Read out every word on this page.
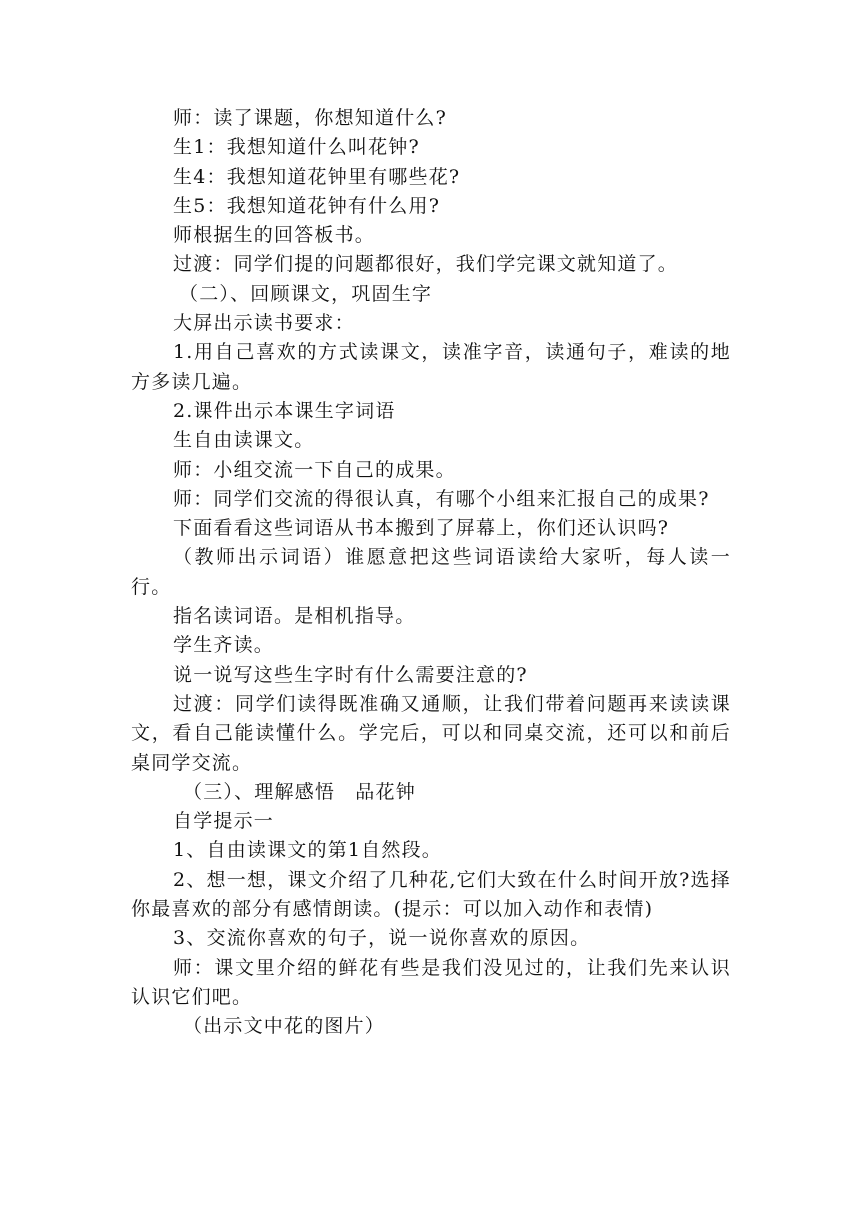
师：读了课题，你想知道什么?

生1：我想知道什么叫花钟?

生4：我想知道花钟里有哪些花?

生5：我想知道花钟有什么用?

师根据生的回答板书。

过渡：同学们提的问题都很好，我们学完课文就知道了。

（二）、回顾课文，巩固生字

大屏出示读书要求：

1.用自己喜欢的方式读课文，读准字音，读通句子，难读的地方多读几遍。

2.课件出示本课生字词语

生自由读课文。

师：小组交流一下自己的成果。

师：同学们交流的得很认真，有哪个小组来汇报自己的成果?

下面看看这些词语从书本搬到了屏幕上，你们还认识吗?

（教师出示词语）谁愿意把这些词语读给大家听，每人读一行。

指名读词语。是相机指导。

学生齐读。

说一说写这些生字时有什么需要注意的?

过渡：同学们读得既准确又通顺，让我们带着问题再来读读课文，看自己能读懂什么。学完后，可以和同桌交流，还可以和前后桌同学交流。

（三）、理解感悟　品花钟

自学提示一

1、自由读课文的第1自然段。

2、想一想，课文介绍了几种花,它们大致在什么时间开放?选择你最喜欢的部分有感情朗读。(提示：可以加入动作和表情)

3、交流你喜欢的句子，说一说你喜欢的原因。

师：课文里介绍的鲜花有些是我们没见过的，让我们先来认识认识它们吧。

（出示文中花的图片）
